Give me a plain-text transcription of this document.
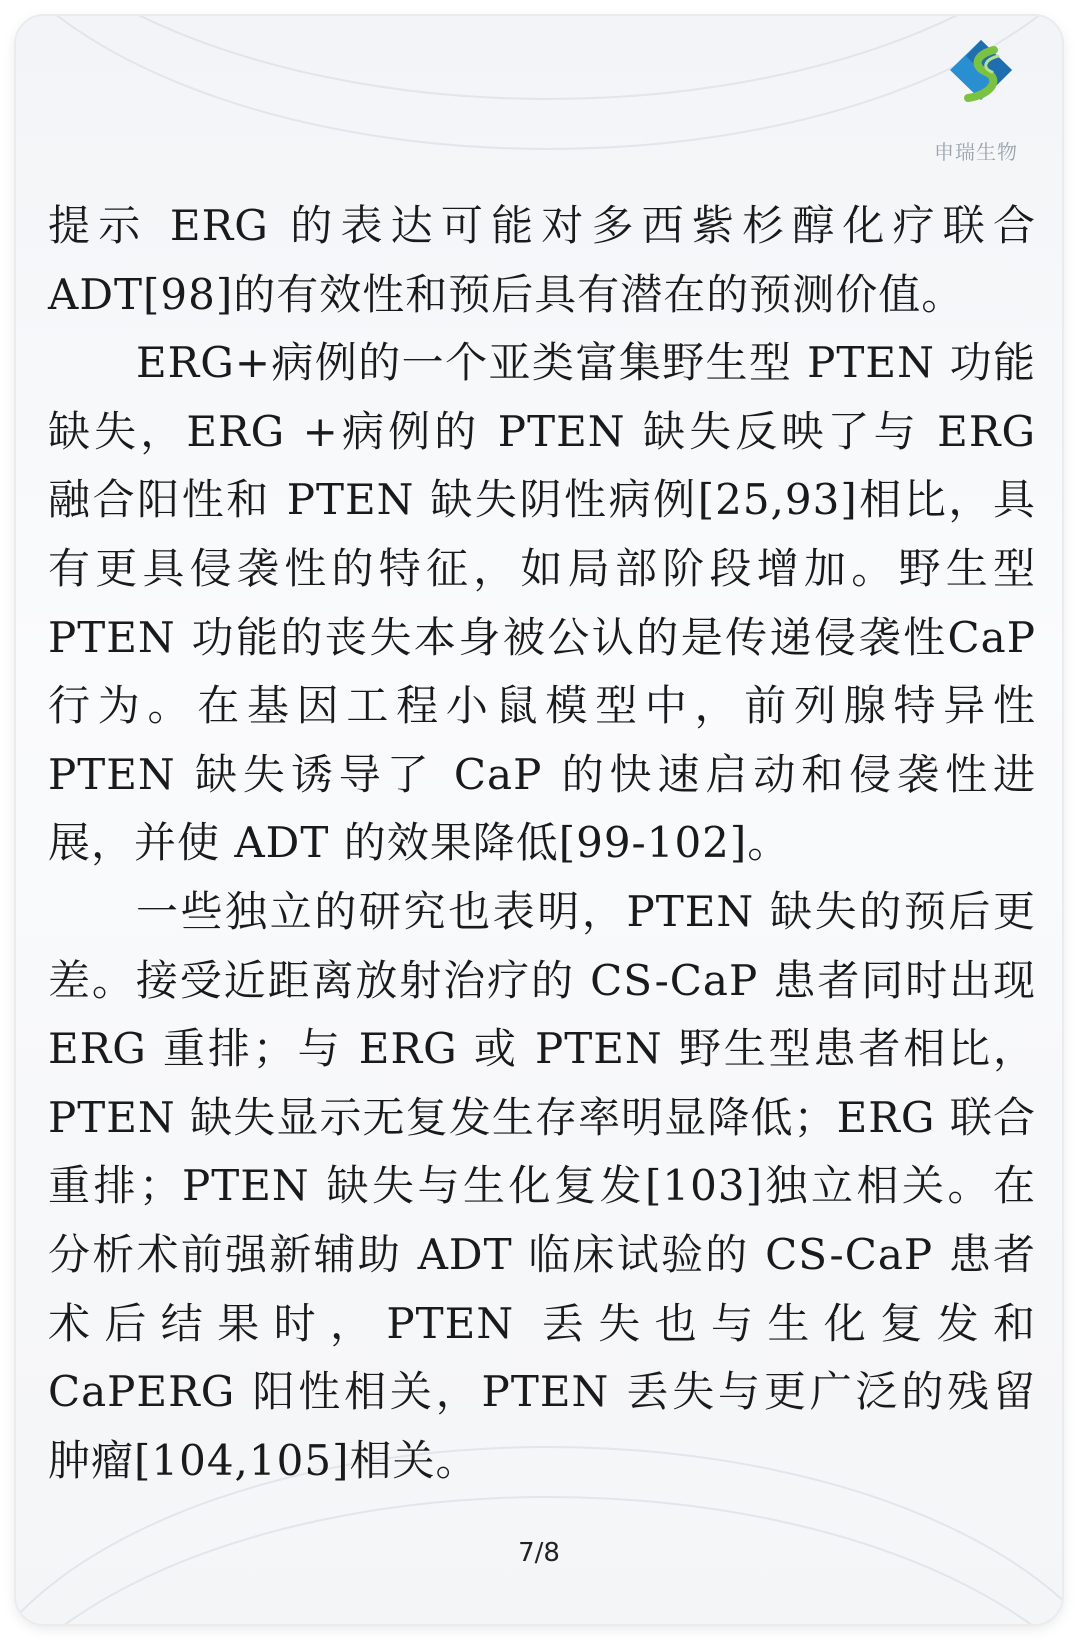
申瑞生物

提示 ERG 的表达可能对多西紫杉醇化疗联合 ADT[98]的有效性和预后具有潜在的预测价值。

ERG+病例的一个亚类富集野生型 PTEN 功能缺失，ERG +病例的 PTEN 缺失反映了与 ERG 融合阳性和 PTEN 缺失阴性病例[25,93]相比，具有更具侵袭性的特征，如局部阶段增加。野生型 PTEN 功能的丧失本身被公认的是传递侵袭性CaP 行为。在基因工程小鼠模型中，前列腺特异性 PTEN 缺失诱导了 CaP 的快速启动和侵袭性进展，并使 ADT 的效果降低[99-102]。

一些独立的研究也表明，PTEN 缺失的预后更差。接受近距离放射治疗的 CS-CaP 患者同时出现 ERG 重排；与 ERG 或 PTEN 野生型患者相比，PTEN 缺失显示无复发生存率明显降低；ERG 联合重排；PTEN 缺失与生化复发[103]独立相关。在分析术前强新辅助 ADT 临床试验的 CS-CaP 患者术后结果时，PTEN 丢失也与生化复发和 CaPERG 阳性相关，PTEN 丢失与更广泛的残留肿瘤[104,105]相关。

7/8
